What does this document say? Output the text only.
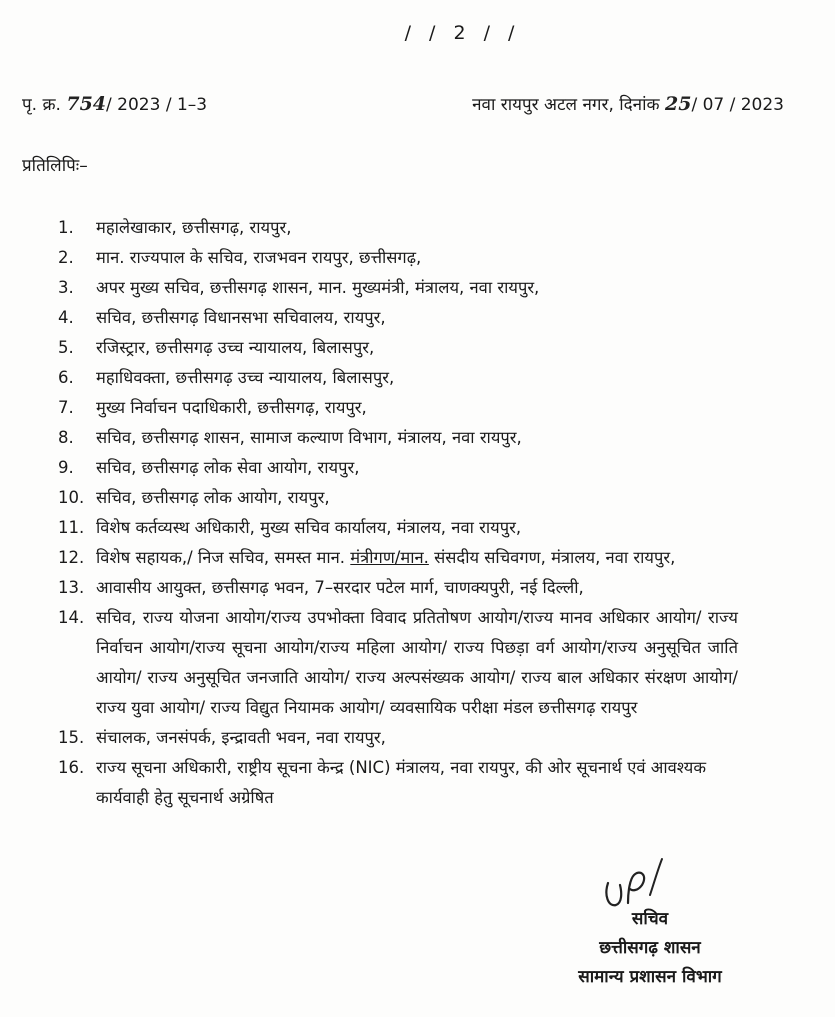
/ / 2 / /
पृ. क्र. 754/ 2023 / 1–3	नवा रायपुर अटल नगर, दिनांक 25/ 07 / 2023
प्रतिलिपिः–
1.	महालेखाकार, छत्तीसगढ़, रायपुर,
2.	मान. राज्यपाल के सचिव, राजभवन रायपुर, छत्तीसगढ़,
3.	अपर मुख्य सचिव, छत्तीसगढ़ शासन, मान. मुख्यमंत्री, मंत्रालय, नवा रायपुर,
4.	सचिव, छत्तीसगढ़ विधानसभा सचिवालय, रायपुर,
5.	रजिस्ट्रार, छत्तीसगढ़ उच्च न्यायालय, बिलासपुर,
6.	महाधिवक्ता, छत्तीसगढ़ उच्च न्यायालय, बिलासपुर,
7.	मुख्य निर्वाचन पदाधिकारी, छत्तीसगढ़, रायपुर,
8.	सचिव, छत्तीसगढ़ शासन, सामाज कल्याण विभाग, मंत्रालय, नवा रायपुर,
9.	सचिव, छत्तीसगढ़ लोक सेवा आयोग, रायपुर,
10. सचिव, छत्तीसगढ़ लोक आयोग, रायपुर,
11. विशेष कर्तव्यस्थ अधिकारी, मुख्य सचिव कार्यालय, मंत्रालय, नवा रायपुर,
12. विशेष सहायक,/ निज सचिव, समस्त मान. मंत्रीगण/मान. संसदीय सचिवगण, मंत्रालय, नवा रायपुर,
13. आवासीय आयुक्त, छत्तीसगढ़ भवन, 7–सरदार पटेल मार्ग, चाणक्यपुरी, नई दिल्ली,
14. सचिव, राज्य योजना आयोग/राज्य उपभोक्ता विवाद प्रतितोषण आयोग/राज्य मानव अधिकार आयोग/ राज्य निर्वाचन आयोग/राज्य सूचना आयोग/राज्य महिला आयोग/ राज्य पिछड़ा वर्ग आयोग/राज्य अनुसूचित जाति आयोग/ राज्य अनुसूचित जनजाति आयोग/ राज्य अल्पसंख्यक आयोग/ राज्य बाल अधिकार संरक्षण आयोग/ राज्य युवा आयोग/ राज्य विद्युत नियामक आयोग/ व्यवसायिक परीक्षा मंडल छत्तीसगढ़ रायपुर
15. संचालक, जनसंपर्क, इन्द्रावती भवन, नवा रायपुर,
16. राज्य सूचना अधिकारी, राष्ट्रीय सूचना केन्द्र (NIC) मंत्रालय, नवा रायपुर, की ओर सूचनार्थ एवं आवश्यक कार्यवाही हेतु सूचनार्थ अग्रेषित
सचिव
छत्तीसगढ़ शासन
सामान्य प्रशासन विभाग
